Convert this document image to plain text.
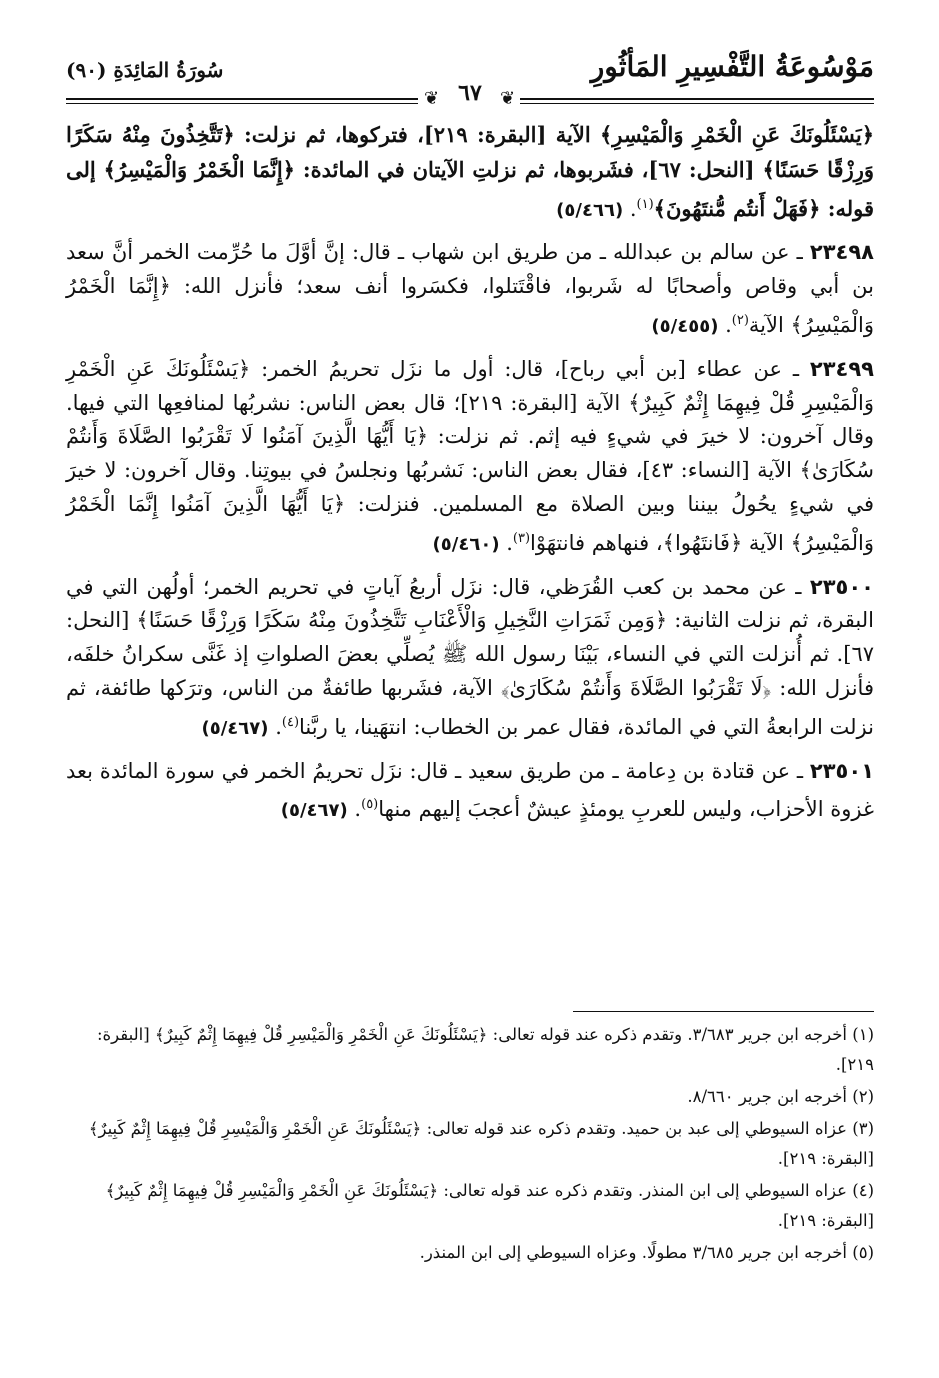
مَوْسُوعَةُ التَّفْسِيرِ المَأثُورِ
٦٧
سُورَةُ المَائِدَةِ (٩٠)
❦	❦

﴿يَسْئَلُونَكَ عَنِ الْخَمْرِ وَالْمَيْسِرِ﴾ الآية [البقرة: ٢١٩]، فتركوها، ثم نزلت: ﴿تَتَّخِذُونَ مِنْهُ سَكَرًا وَرِزْقًا حَسَنًا﴾ [النحل: ٦٧]، فشَربوها، ثم نزلتِ الآيتان في المائدة: ﴿إِنَّمَا الْخَمْرُ وَالْمَيْسِرُ﴾ إلى قوله: ﴿فَهَلْ أَنتُم مُّنتَهُونَ﴾$^{(١)}$. (٥/٤٦٦)

٢٣٤٩٨ ـ عن سالم بن عبدالله ـ من طريق ابن شهاب ـ قال: إنَّ أوَّلَ ما حُرِّمت الخمر أنَّ سعد بن أبي وقاص وأصحابًا له شَربوا، فاقْتَتلوا، فكسَروا أنف سعد؛ فأنزل الله: ﴿إِنَّمَا الْخَمْرُ وَالْمَيْسِرُ﴾ الآية$^{(٢)}$. (٥/٤٥٥)

٢٣٤٩٩ ـ عن عطاء [بن أبي رباح]، قال: أول ما نزَل تحريمُ الخمر: ﴿يَسْئَلُونَكَ عَنِ الْخَمْرِ وَالْمَيْسِرِ قُلْ فِيهِمَا إِثْمٌ كَبِيرٌ﴾ الآية [البقرة: ٢١٩]؛ قال بعض الناس: نشربُها لمنافعِها التي فيها. وقال آخرون: لا خيرَ في شيءٍ فيه إثم. ثم نزلت: ﴿يَا أَيُّهَا الَّذِينَ آمَنُوا لَا تَقْرَبُوا الصَّلَاةَ وَأَنتُمْ سُكَارَىٰ﴾ الآية [النساء: ٤٣]، فقال بعض الناس: نَشربُها ونجلسُ في بيوتِنا. وقال آخرون: لا خيرَ في شيءٍ يحُولُ بيننا وبين الصلاة مع المسلمين. فنزلت: ﴿يَا أَيُّهَا الَّذِينَ آمَنُوا إِنَّمَا الْخَمْرُ وَالْمَيْسِرُ﴾ الآية ﴿فَانتَهُوا﴾، فنهاهم فانتهَوْا$^{(٣)}$. (٥/٤٦٠)

٢٣٥٠٠ ـ عن محمد بن كعب القُرَظي، قال: نزَل أربعُ آياتٍ في تحريم الخمر؛ أولُهن التي في البقرة، ثم نزلت الثانية: ﴿وَمِن ثَمَرَاتِ النَّخِيلِ وَالْأَعْنَابِ تَتَّخِذُونَ مِنْهُ سَكَرًا وَرِزْقًا حَسَنًا﴾ [النحل: ٦٧]. ثم أُنزلت التي في النساء، بَيْنَا رسول الله ﷺ يُصلِّي بعضَ الصلواتِ إذ غَنَّى سكرانُ خلفَه، فأنزل الله: ﴿لَا تَقْرَبُوا الصَّلَاةَ وَأَنتُمْ سُكَارَىٰ﴾ الآية، فشَربها طائفةٌ من الناس، وترَكها طائفة، ثم نزلت الرابعةُ التي في المائدة، فقال عمر بن الخطاب: انتهَينا، يا ربَّنا$^{(٤)}$. (٥/٤٦٧)

٢٣٥٠١ ـ عن قتادة بن دِعامة ـ من طريق سعيد ـ قال: نزَل تحريمُ الخمر في سورة المائدة بعد غزوة الأحزاب، وليس للعربِ يومئذٍ عيشٌ أعجبَ إليهم منها$^{(٥)}$. (٥/٤٦٧)

(١) أخرجه ابن جرير ٣/٦٨٣. وتقدم ذكره عند قوله تعالى: ﴿يَسْئَلُونَكَ عَنِ الْخَمْرِ وَالْمَيْسِرِ قُلْ فِيهِمَا إِثْمٌ كَبِيرٌ﴾ [البقرة: ٢١٩].

(٢) أخرجه ابن جرير ٨/٦٦٠.

(٣) عزاه السيوطي إلى عبد بن حميد. وتقدم ذكره عند قوله تعالى: ﴿يَسْئَلُونَكَ عَنِ الْخَمْرِ وَالْمَيْسِرِ قُلْ فِيهِمَا إِثْمٌ كَبِيرٌ﴾ [البقرة: ٢١٩].

(٤) عزاه السيوطي إلى ابن المنذر. وتقدم ذكره عند قوله تعالى: ﴿يَسْئَلُونَكَ عَنِ الْخَمْرِ وَالْمَيْسِرِ قُلْ فِيهِمَا إِثْمٌ كَبِيرٌ﴾ [البقرة: ٢١٩].

(٥) أخرجه ابن جرير ٣/٦٨٥ مطولًا. وعزاه السيوطي إلى ابن المنذر.
